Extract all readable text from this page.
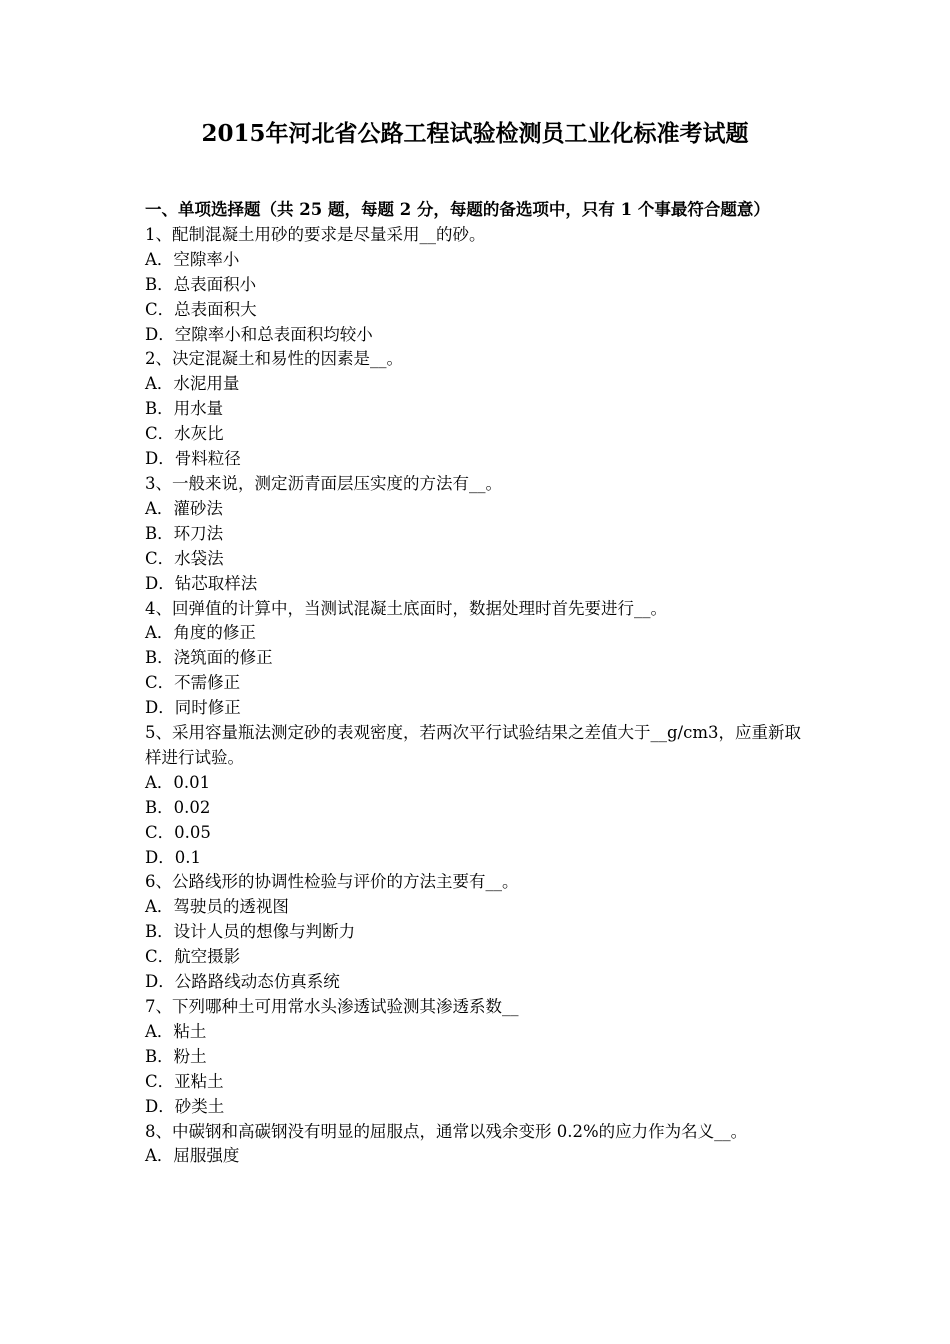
2015年河北省公路工程试验检测员工业化标准考试题

一、单项选择题（共 25 题，每题 2 分，每题的备选项中，只有 1 个事最符合题意）

1、配制混凝土用砂的要求是尽量采用__的砂。

A．空隙率小

B．总表面积小

C．总表面积大

D．空隙率小和总表面积均较小

2、决定混凝土和易性的因素是__。

A．水泥用量

B．用水量

C．水灰比

D．骨料粒径

3、一般来说，测定沥青面层压实度的方法有__。

A．灌砂法

B．环刀法

C．水袋法

D．钻芯取样法

4、回弹值的计算中，当测试混凝土底面时，数据处理时首先要进行__。

A．角度的修正

B．浇筑面的修正

C．不需修正

D．同时修正

5、采用容量瓶法测定砂的表观密度，若两次平行试验结果之差值大于__g/cm3，应重新取样进行试验。

A．0.01

B．0.02

C．0.05

D．0.1

6、公路线形的协调性检验与评价的方法主要有__。

A．驾驶员的透视图

B．设计人员的想像与判断力

C．航空摄影

D．公路路线动态仿真系统

7、下列哪种土可用常水头渗透试验测其渗透系数__

A．粘土

B．粉土

C．亚粘土

D．砂类土

8、中碳钢和高碳钢没有明显的屈服点，通常以残余变形 0.2%的应力作为名义__。

A．屈服强度
